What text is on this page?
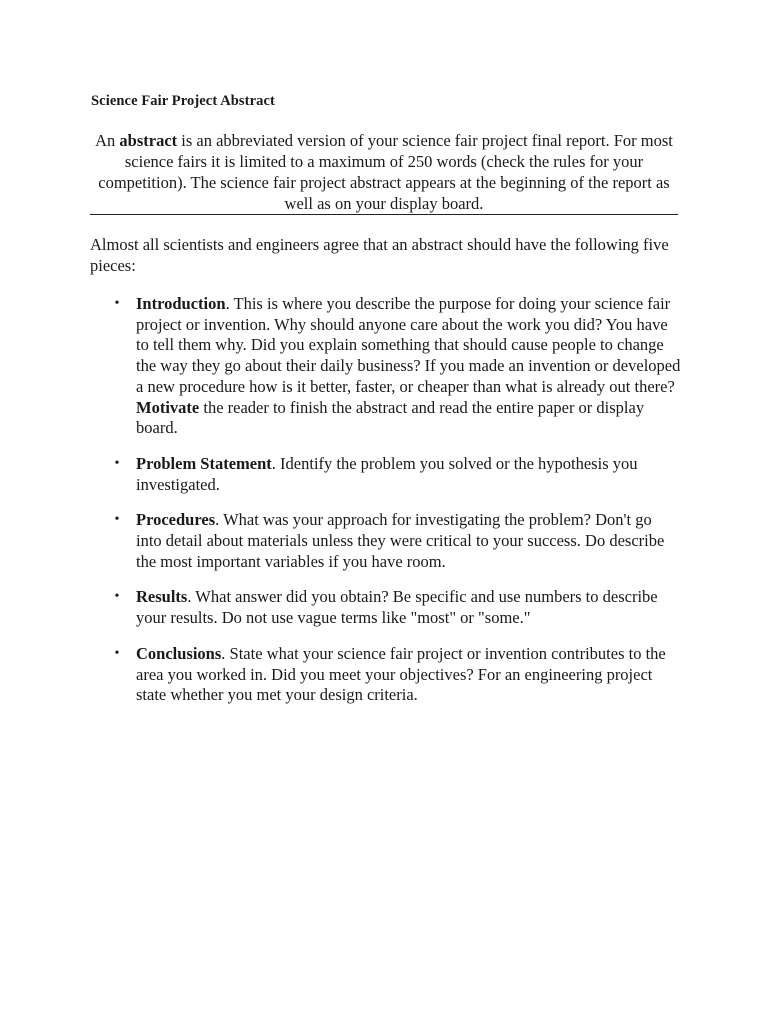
Science Fair Project Abstract
An abstract is an abbreviated version of your science fair project final report. For most science fairs it is limited to a maximum of 250 words (check the rules for your competition). The science fair project abstract appears at the beginning of the report as well as on your display board.
Almost all scientists and engineers agree that an abstract should have the following five pieces:
• Introduction. This is where you describe the purpose for doing your science fair project or invention. Why should anyone care about the work you did? You have to tell them why. Did you explain something that should cause people to change the way they go about their daily business? If you made an invention or developed a new procedure how is it better, faster, or cheaper than what is already out there? Motivate the reader to finish the abstract and read the entire paper or display board.
• Problem Statement. Identify the problem you solved or the hypothesis you investigated.
• Procedures. What was your approach for investigating the problem? Don't go into detail about materials unless they were critical to your success. Do describe the most important variables if you have room.
• Results. What answer did you obtain? Be specific and use numbers to describe your results. Do not use vague terms like "most" or "some."
• Conclusions. State what your science fair project or invention contributes to the area you worked in. Did you meet your objectives? For an engineering project state whether you met your design criteria.
